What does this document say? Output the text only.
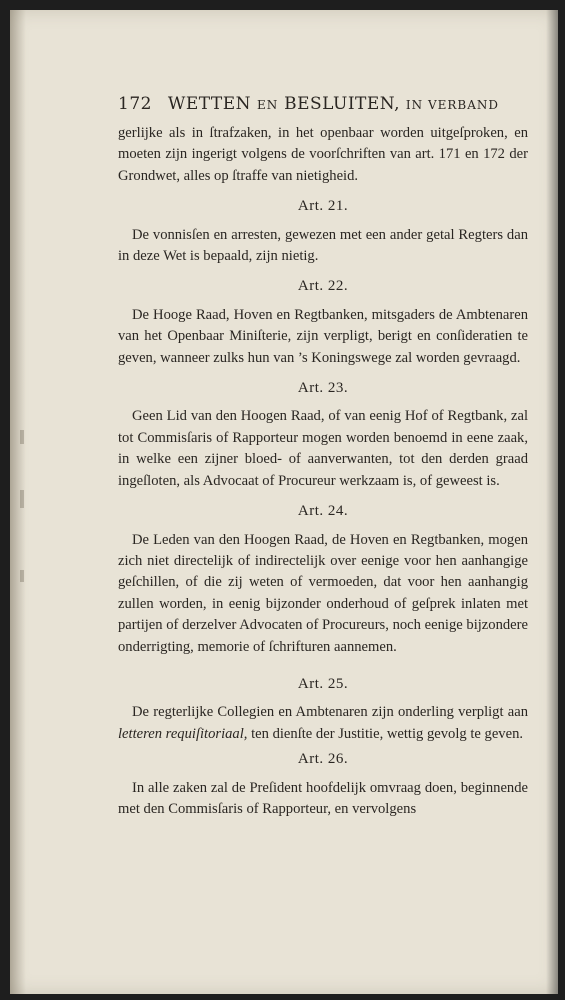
172 WETTEN EN BESLUITEN, IN VERBAND

gerlijke als in ſtrafzaken, in het openbaar worden uitgeſproken, en moeten zijn ingerigt volgens de voorſchriften van art. 171 en 172 der Grondwet, alles op ſtraffe van nietigheid.

Art. 21.

De vonnisſen en arresten, gewezen met een ander getal Regters dan in deze Wet is bepaald, zijn nietig.

Art. 22.

De Hooge Raad, Hoven en Regtbanken, mitsgaders de Ambtenaren van het Openbaar Miniſterie, zijn verpligt, berigt en conſideratien te geven, wanneer zulks hun van ’s Koningswege zal worden gevraagd.

Art. 23.

Geen Lid van den Hoogen Raad, of van eenig Hof of Regtbank, zal tot Commisſaris of Rapporteur mogen worden benoemd in eene zaak, in welke een zijner bloed- of aanverwanten, tot den derden graad ingeſloten, als Advocaat of Procureur werkzaam is, of geweest is.

Art. 24.

De Leden van den Hoogen Raad, de Hoven en Regtbanken, mogen zich niet directelijk of indirectelijk over eenige voor hen aanhangige geſchillen, of die zij weten of vermoeden, dat voor hen aanhangig zullen worden, in eenig bijzonder onderhoud of geſprek inlaten met partijen of derzelver Advocaten of Procureurs, noch eenige bijzondere onderrigting, memorie of ſchrifturen aannemen.

Art. 25.

De regterlijke Collegien en Ambtenaren zijn onderling verpligt aan letteren requiſitoriaal, ten dienſte der Justitie, wettig gevolg te geven.

Art. 26.

In alle zaken zal de Preſident hoofdelijk omvraag doen, beginnende met den Commisſaris of Rapporteur, en vervolgens
